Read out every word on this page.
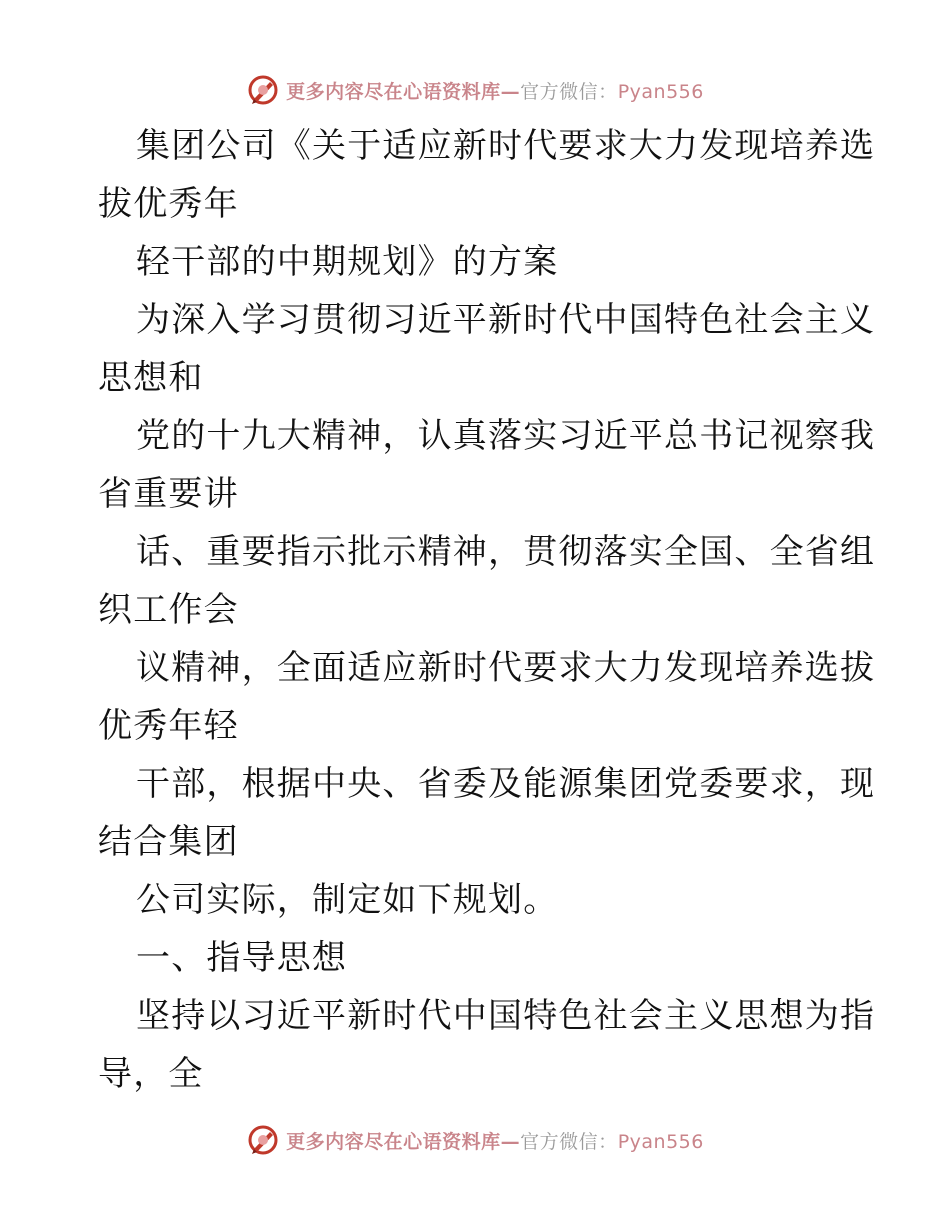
更多内容尽在心语资料库—官方微信：Pyan556
集团公司《关于适应新时代要求大力发现培养选
拔优秀年
轻干部的中期规划》的方案
为深入学习贯彻习近平新时代中国特色社会主义
思想和
党的十九大精神，认真落实习近平总书记视察我
省重要讲
话、重要指示批示精神，贯彻落实全国、全省组
织工作会
议精神，全面适应新时代要求大力发现培养选拔
优秀年轻
干部，根据中央、省委及能源集团党委要求，现
结合集团
公司实际，制定如下规划。
一、指导思想
坚持以习近平新时代中国特色社会主义思想为指
导，全
更多内容尽在心语资料库—官方微信：Pyan556
